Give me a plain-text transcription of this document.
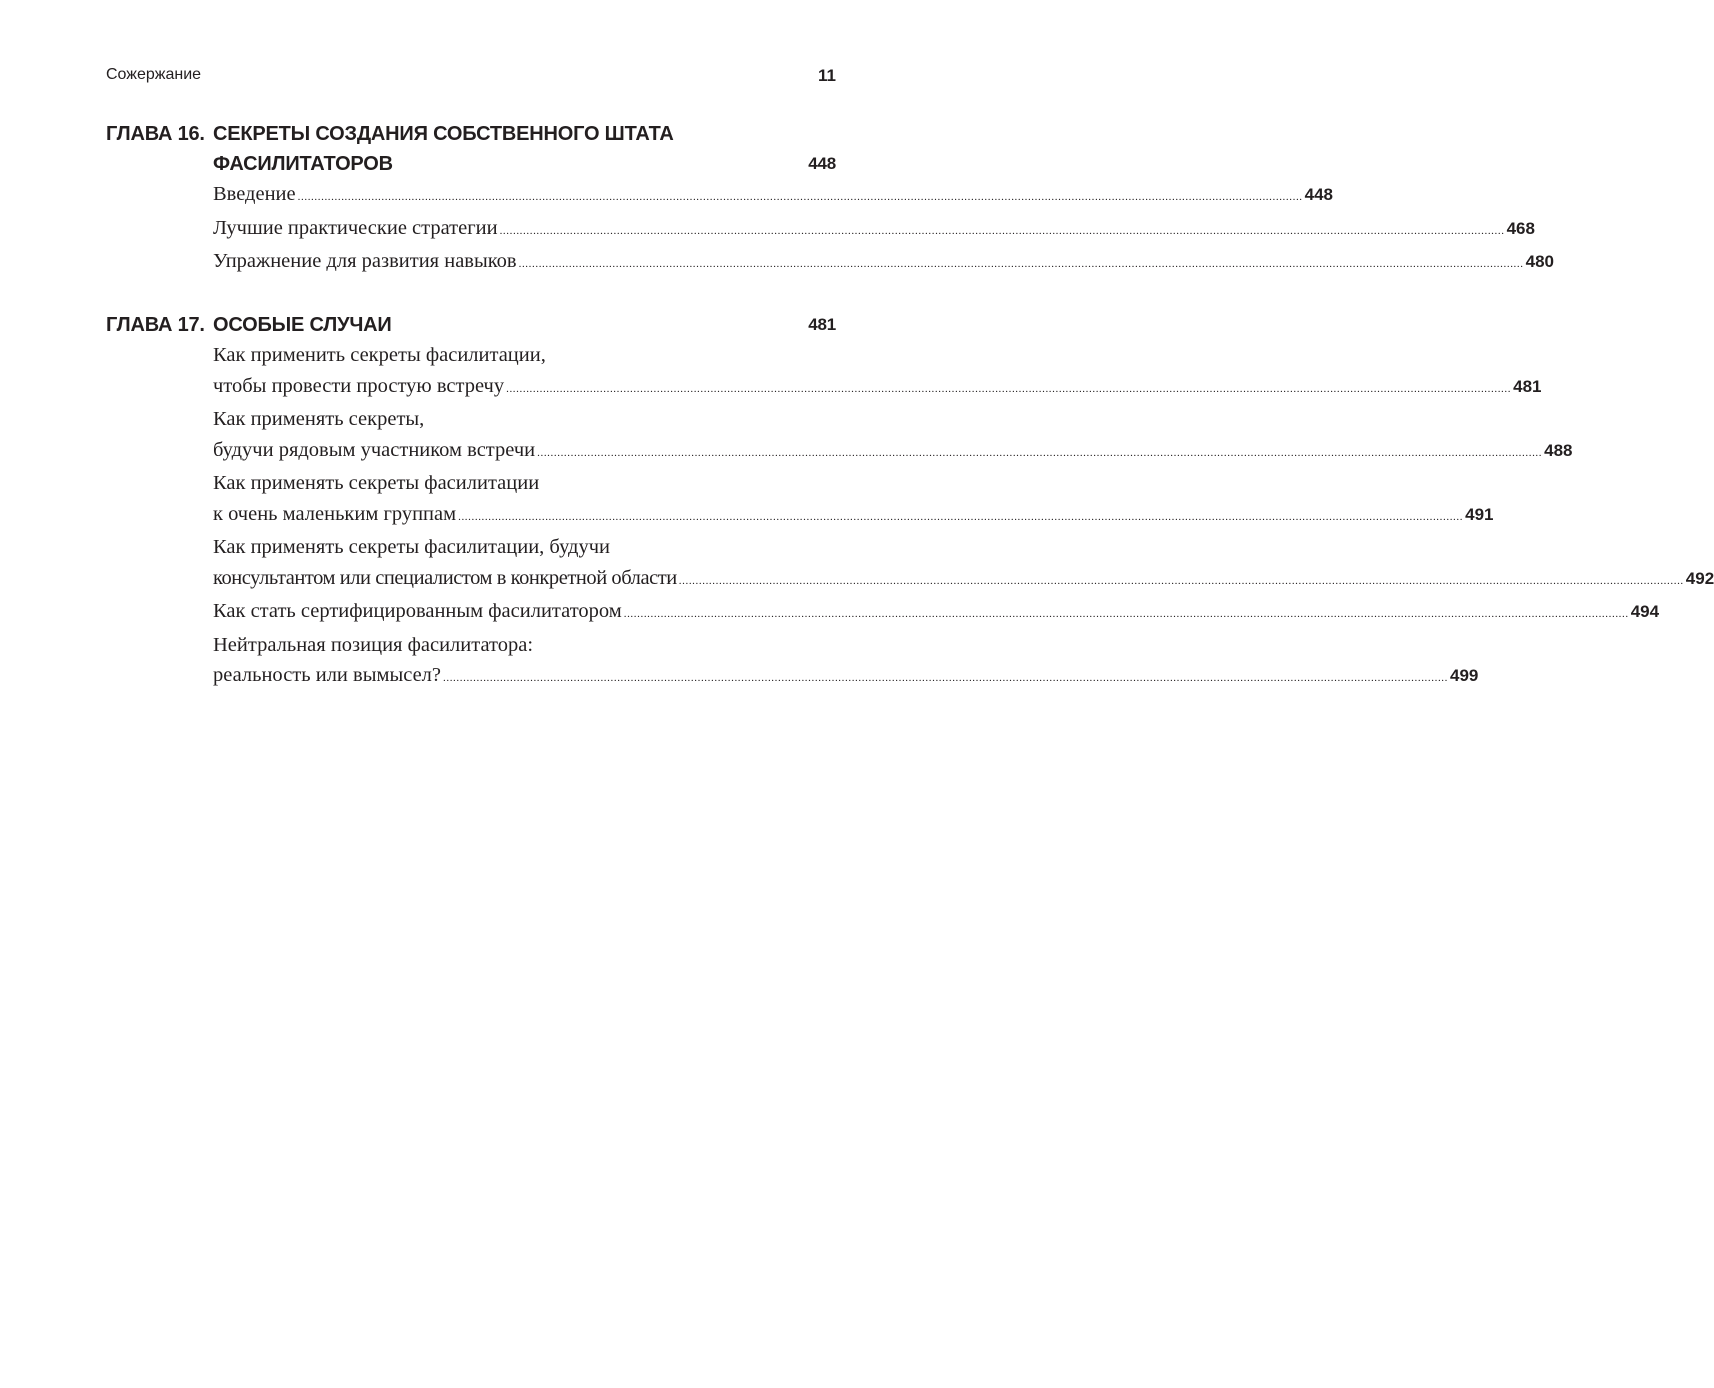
Сожержание	11
ГЛАВА 16. СЕКРЕТЫ СОЗДАНИЯ СОБСТВЕННОГО ШТАТА
ФАСИЛИТАТОРОВ	448
Введение ............................................................................................................................................................................................................................................................................................................ 448
Лучшие практические стратегии ............................................................................................................................................................................................................................................................................................................ 468
Упражнение для развития навыков ............................................................................................................................................................................................................................................................................................................ 480
ГЛАВА 17. ОСОБЫЕ СЛУЧАИ	481
Как применить секреты фасилитации,
чтобы провести простую встречу ............................................................................................................................................................................................................................................................................................................ 481
Как применять секреты,
будучи рядовым участником встречи ............................................................................................................................................................................................................................................................................................................ 488
Как применять секреты фасилитации
к очень маленьким группам ............................................................................................................................................................................................................................................................................................................ 491
Как применять секреты фасилитации, будучи
консультантом или специалистом в конкретной области ............................................................................................................................................................................................................................................................................................................ 492
Как стать сертифицированным фасилитатором ............................................................................................................................................................................................................................................................................................................ 494
Нейтральная позиция фасилитатора:
реальность или вымысел? ............................................................................................................................................................................................................................................................................................................ 499
